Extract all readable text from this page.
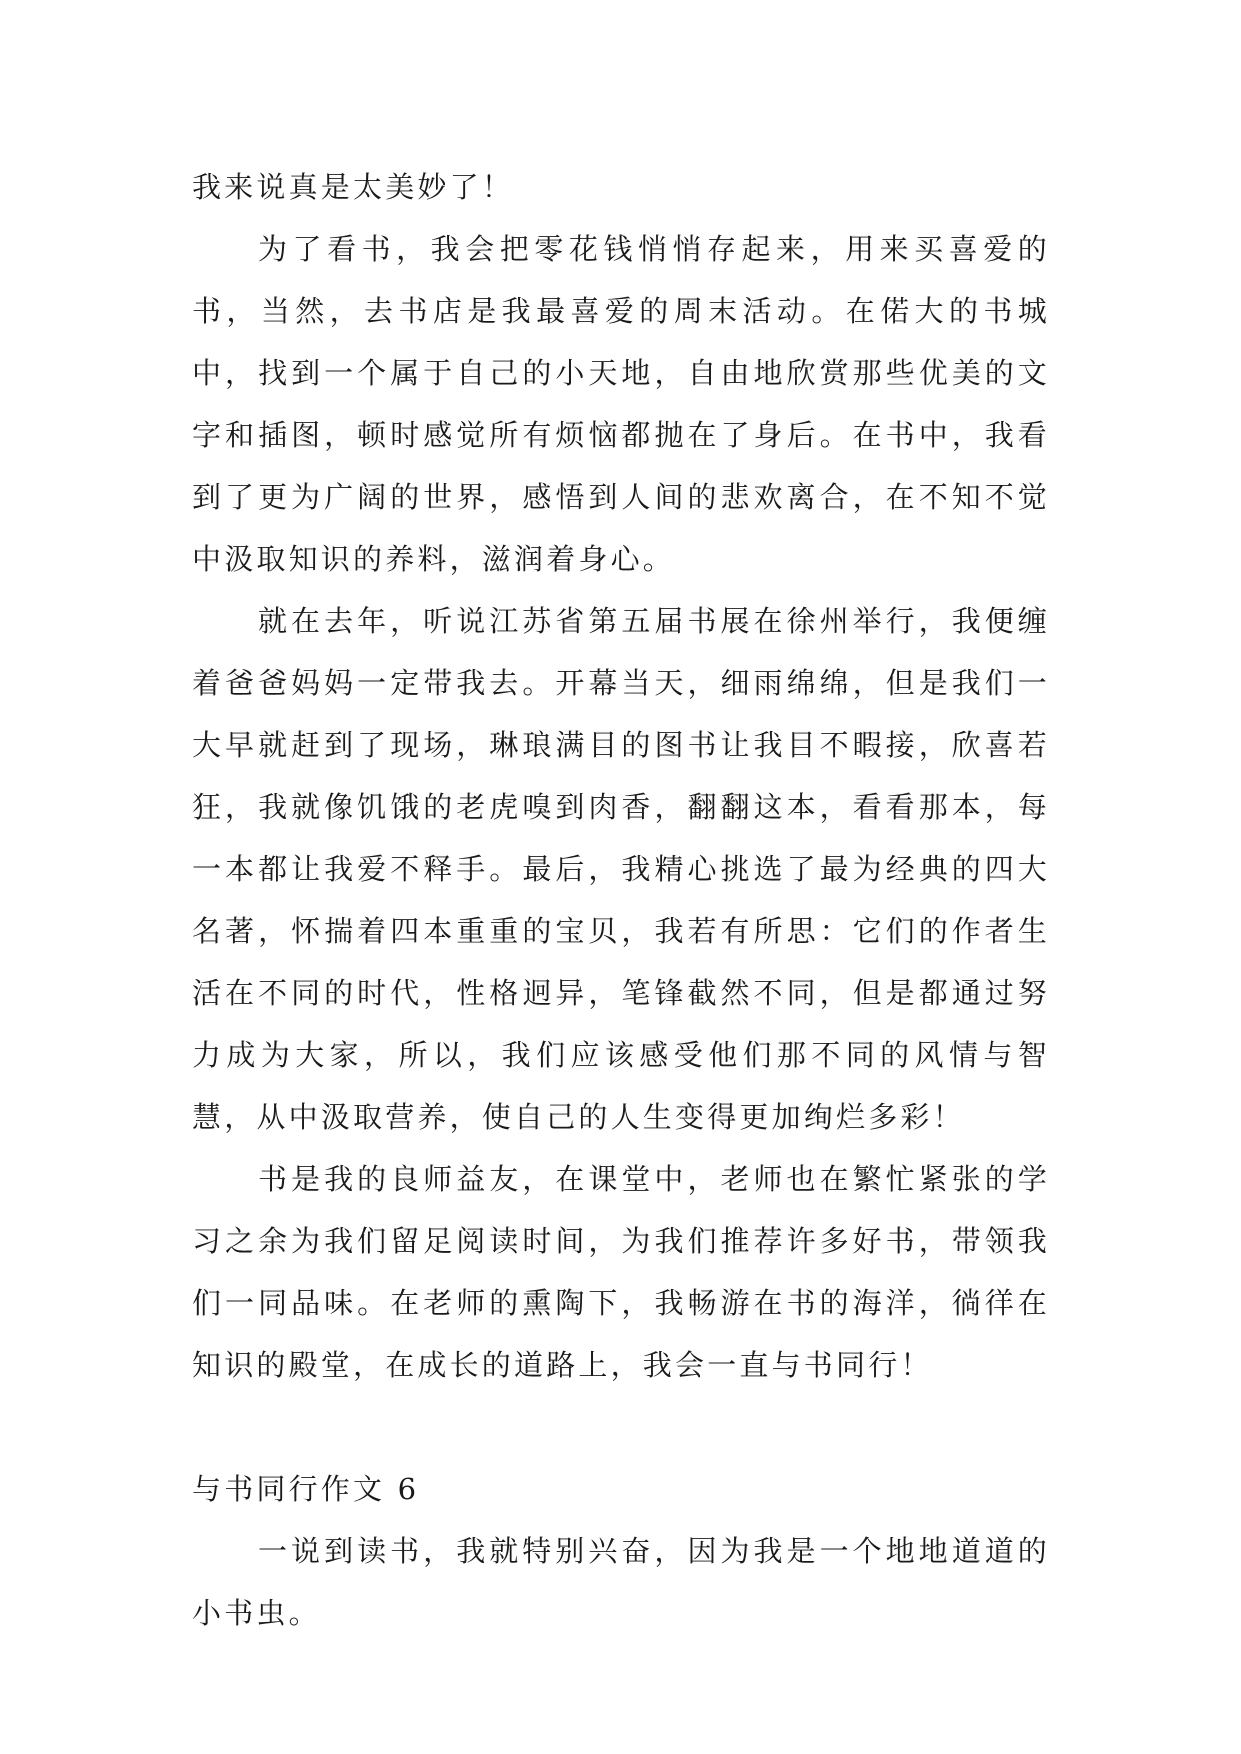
我来说真是太美妙了！

为了看书，我会把零花钱悄悄存起来，用来买喜爱的书，当然，去书店是我最喜爱的周末活动。在偌大的书城中，找到一个属于自己的小天地，自由地欣赏那些优美的文字和插图，顿时感觉所有烦恼都抛在了身后。在书中，我看到了更为广阔的世界，感悟到人间的悲欢离合，在不知不觉中汲取知识的养料，滋润着身心。

就在去年，听说江苏省第五届书展在徐州举行，我便缠着爸爸妈妈一定带我去。开幕当天，细雨绵绵，但是我们一大早就赶到了现场，琳琅满目的图书让我目不暇接，欣喜若狂，我就像饥饿的老虎嗅到肉香，翻翻这本，看看那本，每一本都让我爱不释手。最后，我精心挑选了最为经典的四大名著，怀揣着四本重重的宝贝，我若有所思：它们的作者生活在不同的时代，性格迥异，笔锋截然不同，但是都通过努力成为大家，所以，我们应该感受他们那不同的风情与智慧，从中汲取营养，使自己的人生变得更加绚烂多彩！

书是我的良师益友，在课堂中，老师也在繁忙紧张的学习之余为我们留足阅读时间，为我们推荐许多好书，带领我们一同品味。在老师的熏陶下，我畅游在书的海洋，徜徉在知识的殿堂，在成长的道路上，我会一直与书同行！

与书同行作文 6

一说到读书，我就特别兴奋，因为我是一个地地道道的小书虫。
